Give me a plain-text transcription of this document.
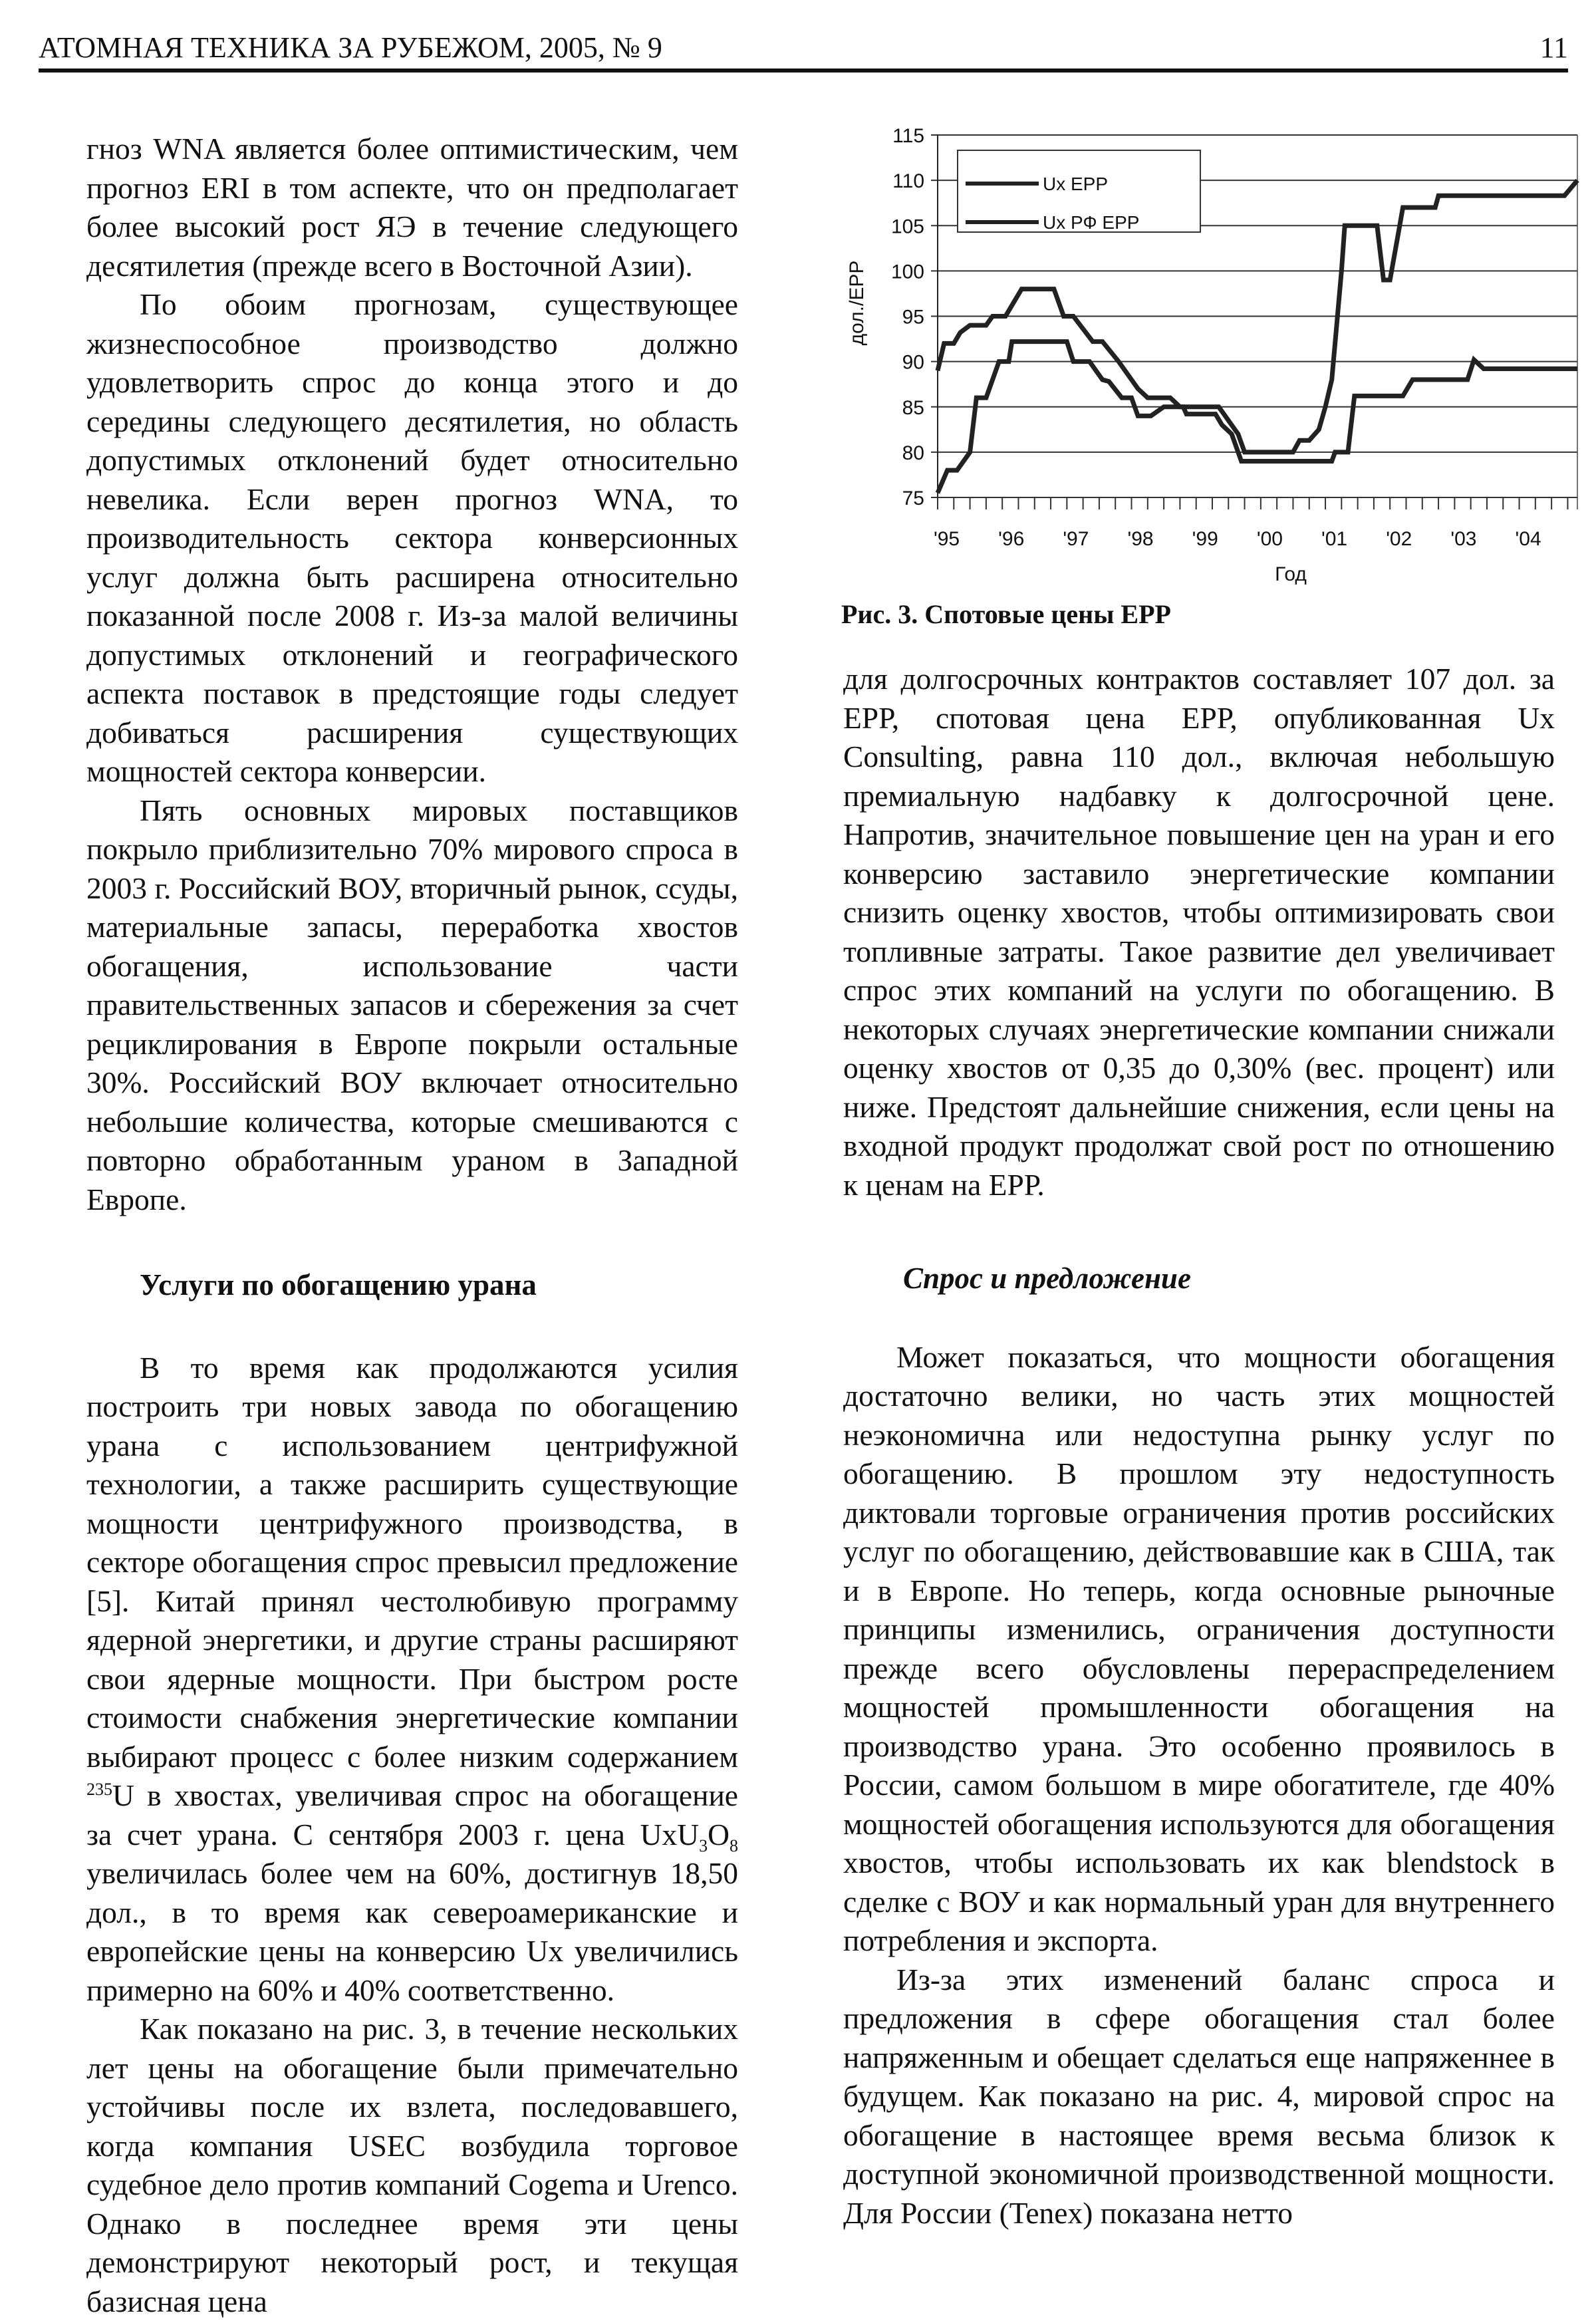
АТОМНАЯ ТЕХНИКА ЗА РУБЕЖОМ, 2005, № 9	11

гноз WNA является более оптимистическим, чем прогноз ERI в том аспекте, что он предполагает более высокий рост ЯЭ в течение следующего десятилетия (прежде всего в Восточной Азии).

По обоим прогнозам, существующее жизнеспособное производство должно удовлетворить спрос до конца этого и до середины следующего десятилетия, но область допустимых отклонений будет относительно невелика. Если верен прогноз WNA, то производительность сектора конверсионных услуг должна быть расширена относительно показанной после 2008 г. Из-за малой величины допустимых отклонений и географического аспекта поставок в предстоящие годы следует добиваться расширения существующих мощностей сектора конверсии.

Пять основных мировых поставщиков покрыло приблизительно 70% мирового спроса в 2003 г. Российский ВОУ, вторичный рынок, ссуды, материальные запасы, переработка хвостов обогащения, использование части правительственных запасов и сбережения за счет рециклирования в Европе покрыли остальные 30%. Российский ВОУ включает относительно небольшие количества, которые смешиваются с повторно обработанным ураном в Западной Европе.

Услуги по обогащению урана

В то время как продолжаются усилия построить три новых завода по обогащению урана с использованием центрифужной технологии, а также расширить существующие мощности центрифужного производства, в секторе обогащения спрос превысил предложение [5]. Китай принял честолюбивую программу ядерной энергетики, и другие страны расширяют свои ядерные мощности. При быстром росте стоимости снабжения энергетические компании выбирают процесс с более низким содержанием $^{235}$U в хвостах, увеличивая спрос на обогащение за счет урана. С сентября 2003 г. цена $UxU_3O_8$ увеличилась более чем на 60%, достигнув 18,50 дол., в то время как североамериканские и европейские цены на конверсию Ux увеличились примерно на 60% и 40% соответственно.

Как показано на рис. 3, в течение нескольких лет цены на обогащение были примечательно устойчивы после их взлета, последовавшего, когда компания USEC возбудила торговое судебное дело против компаний Cogema и Urenco. Однако в последнее время эти цены демонстрируют некоторый рост, и текущая базисная цена

75
80
85
90
95
100
105
110
115
'95 '96 '97 '98 '99 '00 '01 '02 '03 '04
Год
дол./ЕРР
Ux EPP
Ux РФ EPP
Рис. 3. Спотовые цены ЕРР

для долгосрочных контрактов составляет 107 дол. за ЕРР, спотовая цена ЕРР, опубликованная Ux Consulting, равна 110 дол., включая небольшую премиальную надбавку к долгосрочной цене. Напротив, значительное повышение цен на уран и его конверсию заставило энергетические компании снизить оценку хвостов, чтобы оптимизировать свои топливные затраты. Такое развитие дел увеличивает спрос этих компаний на услуги по обогащению. В некоторых случаях энергетические компании снижали оценку хвостов от 0,35 до 0,30% (вес. процент) или ниже. Предстоят дальнейшие снижения, если цены на входной продукт продолжат свой рост по отношению к ценам на ЕРР.

Спрос и предложение

Может показаться, что мощности обогащения достаточно велики, но часть этих мощностей неэкономична или недоступна рынку услуг по обогащению. В прошлом эту недоступность диктовали торговые ограничения против российских услуг по обогащению, действовавшие как в США, так и в Европе. Но теперь, когда основные рыночные принципы изменились, ограничения доступности прежде всего обусловлены перераспределением мощностей промышленности обогащения на производство урана. Это особенно проявилось в России, самом большом в мире обогатителе, где 40% мощностей обогащения используются для обогащения хвостов, чтобы использовать их как blendstock в сделке с ВОУ и как нормальный уран для внутреннего потребления и экспорта.

Из-за этих изменений баланс спроса и предложения в сфере обогащения стал более напряженным и обещает сделаться еще напряженнее в будущем. Как показано на рис. 4, мировой спрос на обогащение в настоящее время весьма близок к доступной экономичной производственной мощности. Для России (Tenex) показана нетто
